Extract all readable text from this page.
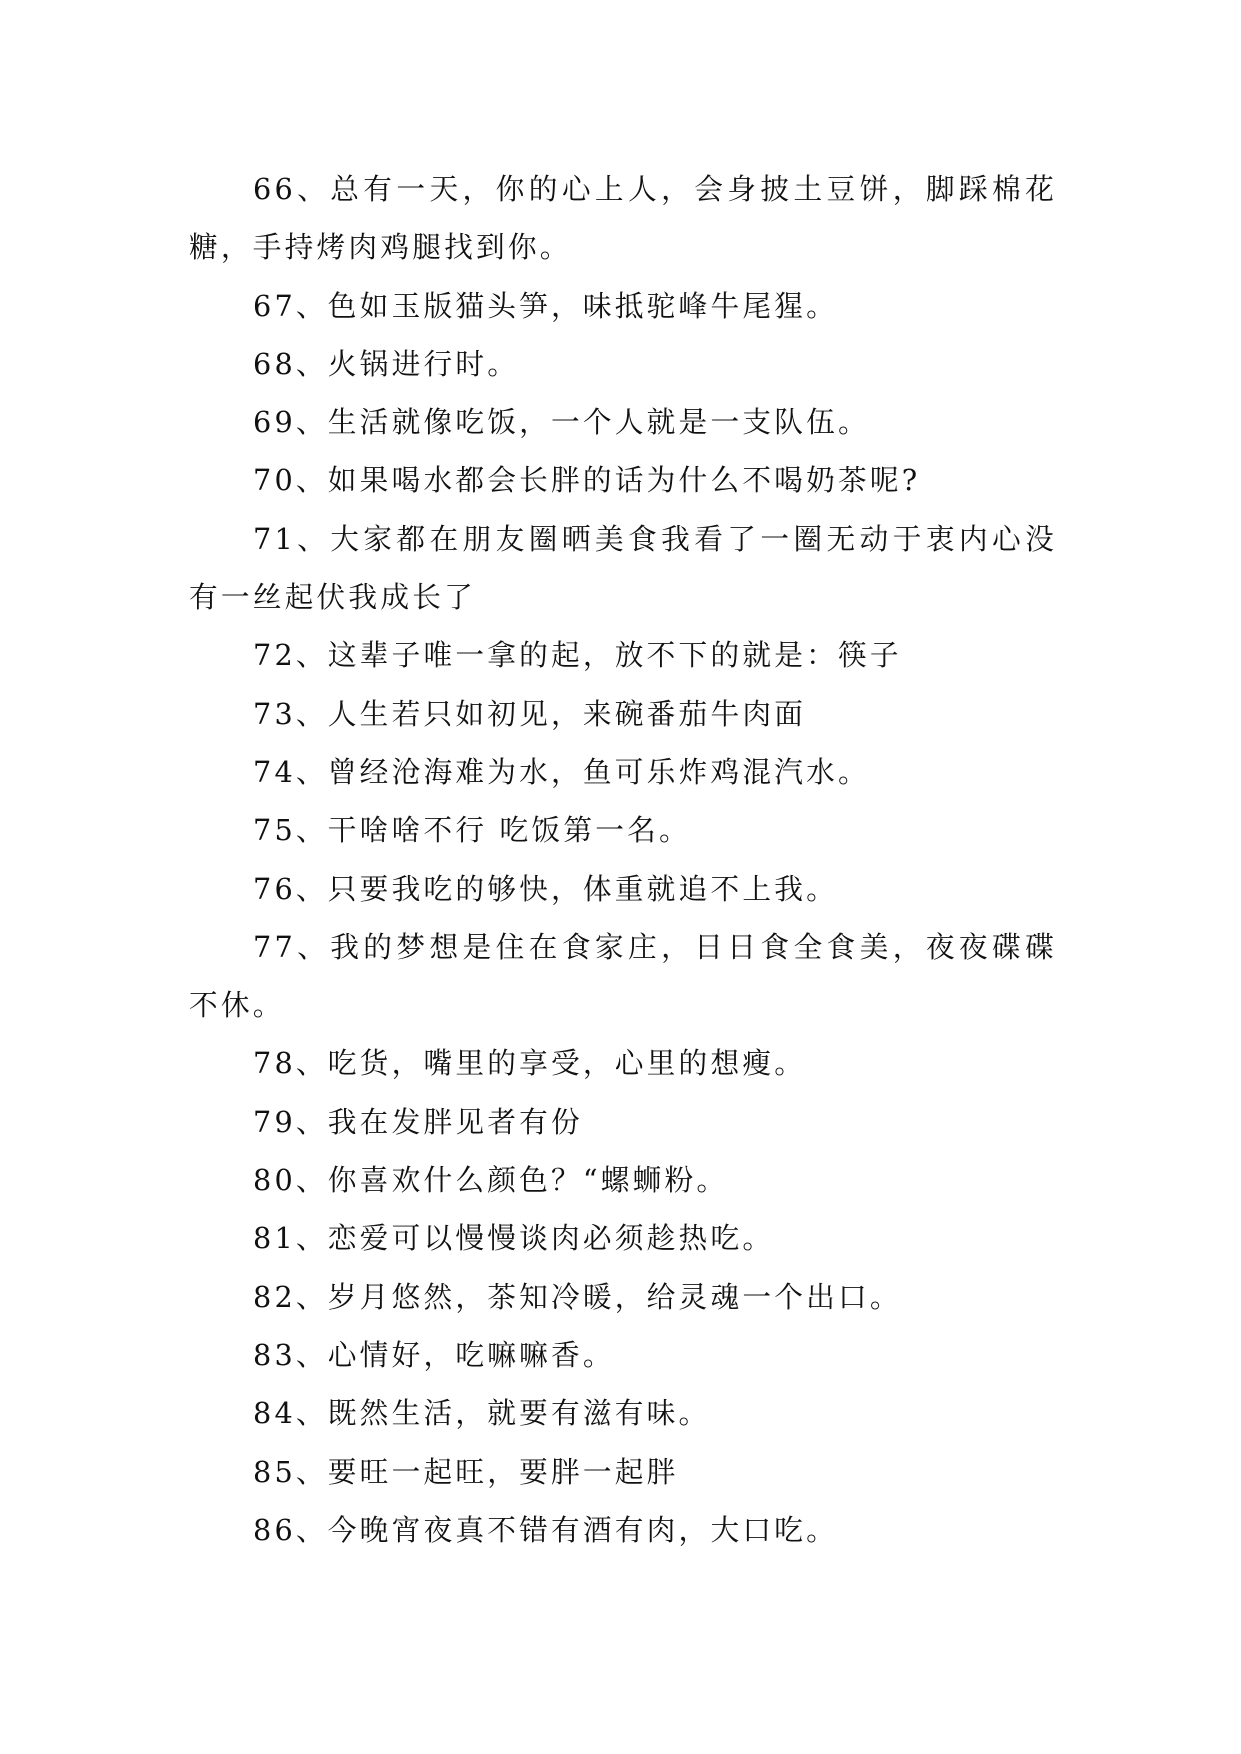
66、总有一天，你的心上人，会身披土豆饼，脚踩棉花糖，手持烤肉鸡腿找到你。

67、色如玉版猫头笋，味抵驼峰牛尾猩。

68、火锅进行时。

69、生活就像吃饭，一个人就是一支队伍。

70、如果喝水都会长胖的话为什么不喝奶茶呢?

71、大家都在朋友圈晒美食我看了一圈无动于衷内心没有一丝起伏我成长了

72、这辈子唯一拿的起，放不下的就是：筷子

73、人生若只如初见，来碗番茄牛肉面

74、曾经沧海难为水，鱼可乐炸鸡混汽水。

75、干啥啥不行 吃饭第一名。

76、只要我吃的够快，体重就追不上我。

77、我的梦想是住在食家庄，日日食全食美，夜夜碟碟不休。

78、吃货，嘴里的享受，心里的想瘦。

79、我在发胖见者有份

80、你喜欢什么颜色？“螺蛳粉。

81、恋爱可以慢慢谈肉必须趁热吃。

82、岁月悠然，茶知冷暖，给灵魂一个出口。

83、心情好，吃嘛嘛香。

84、既然生活，就要有滋有味。

85、要旺一起旺，要胖一起胖

86、今晚宵夜真不错有酒有肉，大口吃。
